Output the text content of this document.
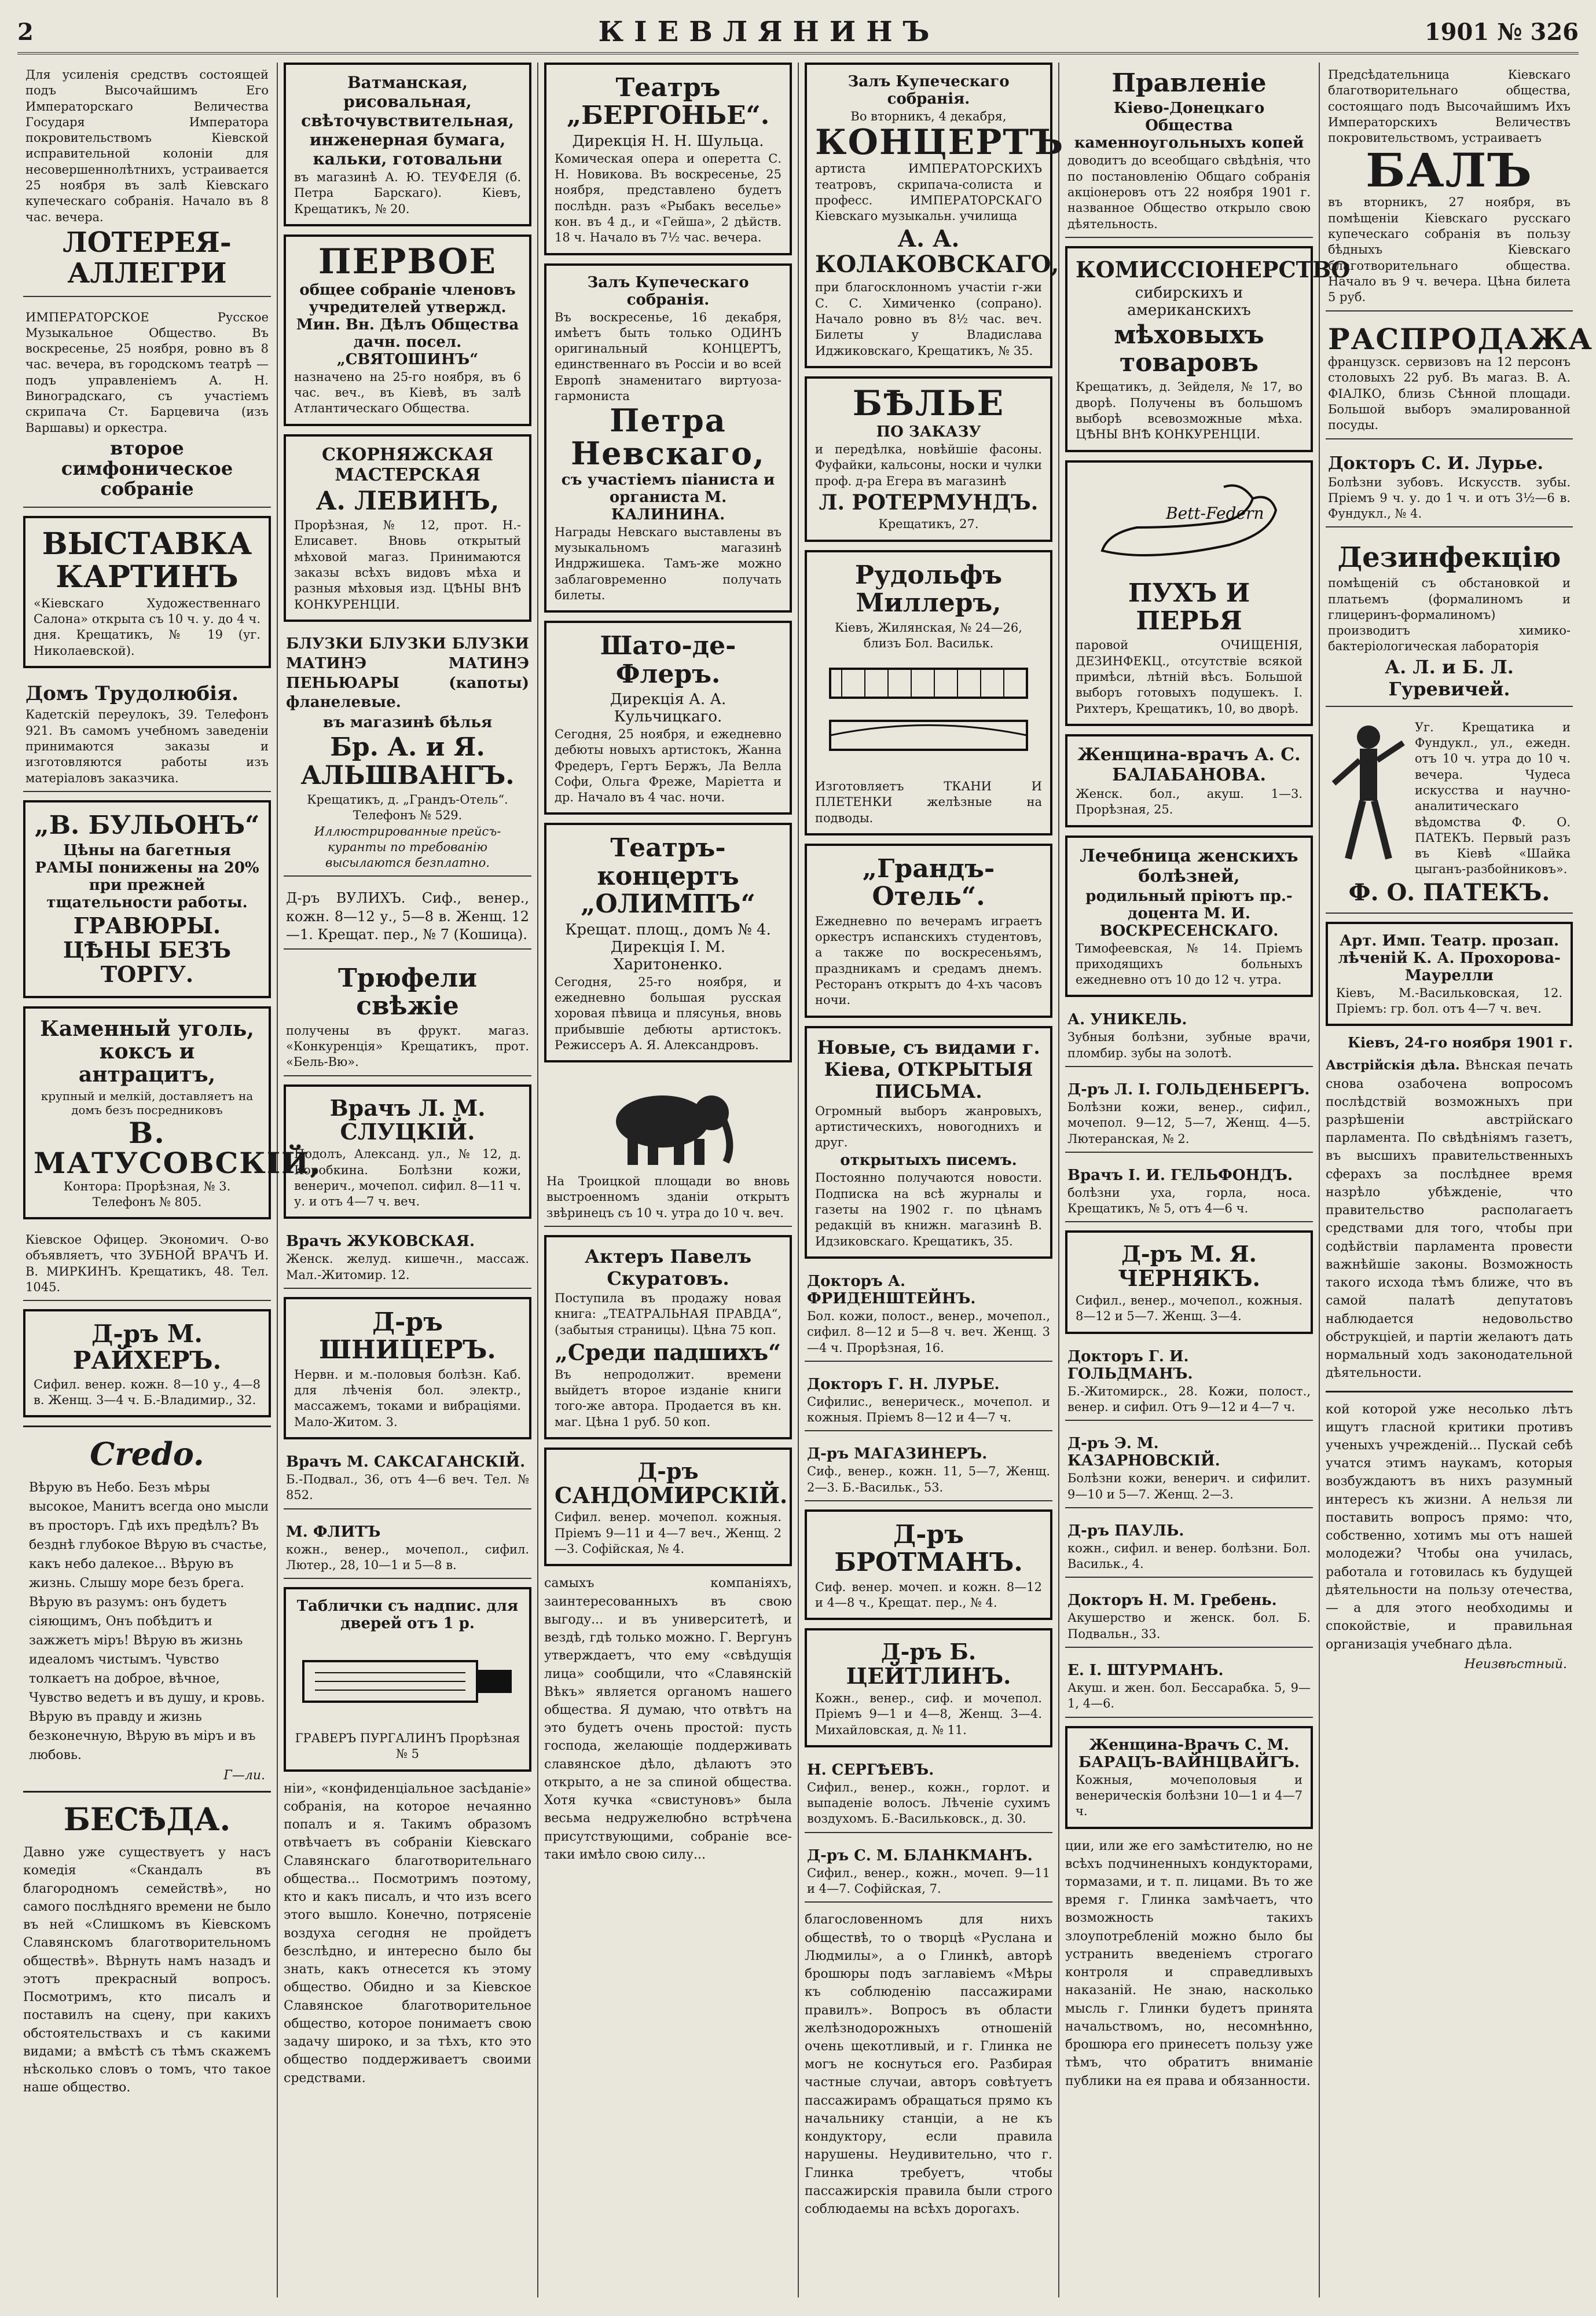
2	КІЕВЛЯНИНЪ	1901 № 326
Для усиленія средствъ состоящей подъ Высочайшимъ Его Императорскаго Величества Государя Императора покровительствомъ Кіевской исправительной колоніи для несовершеннолѣтнихъ, устраивается 25 ноября въ залѣ Кіевскаго купеческаго собранія. Начало въ 8 час. вечера.
ЛОТЕРЕЯ-АЛЛЕГРИ
ИМПЕРАТОРСКОЕ Русское Музыкальное Общество. Въ воскресенье, 25 ноября, ровно въ 8 час. вечера, въ городскомъ театрѣ — подъ управленіемъ А. Н. Виноградскаго, съ участіемъ скрипача Ст. Барцевича (изъ Варшавы) и оркестра.
второе симфоническое собраніе
ВЫСТАВКА КАРТИНЪ
«Кіевскаго Художественнаго Салона» открыта съ 10 ч. у. до 4 ч. дня. Крещатикъ, № 19 (уг. Николаевской).
Домъ Трудолюбія.
Кадетскій переулокъ, 39. Телефонъ 921. Въ самомъ учебномъ заведеніи принимаются заказы и изготовляются работы изъ матеріаловъ заказчика.
„В. БУЛЬОНЪ“
Цѣны на багетныя РАМЫ понижены на 20% при прежней тщательности работы.
ГРАВЮРЫ. ЦѢНЫ БЕЗЪ ТОРГУ.
Каменный уголь, коксъ и антрацитъ,
крупный и мелкій, доставляетъ на домъ безъ посредниковъ
В. МАТУСОВСКІЙ,
Контора: Прорѣзная, № 3. Телефонъ № 805.
Кіевское Офицер. Экономич. О-во объявляетъ, что ЗУБНОЙ ВРАЧЪ И. В. МИРКИНЪ. Крещатикъ, 48. Тел. 1045.
Д-ръ М. РАЙХЕРЪ.
Сифил. венер. кожн. 8—10 у., 4—8 в. Женщ. 3—4 ч. Б.-Владимир., 32.
Credo.
Вѣрую въ Небо. Безъ мѣры высокое, Манитъ всегда оно мысли въ просторъ. Гдѣ ихъ предѣлъ? Въ безднѣ глубокое Вѣрую въ счастье, какъ небо далекое... Вѣрую въ жизнь. Слышу море безъ брега. Вѣрую въ разумъ: онъ будетъ сіяющимъ, Онъ побѣдитъ и зажжетъ міръ! Вѣрую въ жизнь идеаломъ чистымъ. Чувство толкаетъ на доброе, вѣчное, Чувство ведетъ и въ душу, и кровь. Вѣрую въ правду и жизнь безконечную, Вѣрую въ міръ и въ любовь.
Г—ли.
БЕСѢДА.
Давно уже существуетъ у насъ комедія «Скандалъ въ благородномъ семействѣ», но самого послѣдняго времени не было въ ней «Слишкомъ въ Кіевскомъ Славянскомъ благотворительномъ обществѣ». Вѣрнуть намъ назадъ и этотъ прекрасный вопросъ. Посмотримъ, кто писалъ и поставилъ на сцену, при какихъ обстоятельствахъ и съ какими видами; а вмѣстѣ съ тѣмъ скажемъ нѣсколько словъ о томъ, что такое наше общество.
Ватманская, рисовальная, свѣточувствительная, инженерная бумага, кальки, готовальни
въ магазинѣ А. Ю. ТЕУФЕЛЯ (б. Петра Барскаго). Кіевъ, Крещатикъ, № 20.
ПЕРВОЕ
общее собраніе членовъ учредителей утвержд. Мин. Вн. Дѣлъ Общества дачн. посел. „СВЯТОШИНЪ“
назначено на 25-го ноября, въ 6 час. веч., въ Кіевѣ, въ залѣ Атлантическаго Общества.
СКОРНЯЖСКАЯ МАСТЕРСКАЯ
А. ЛЕВИНЪ,
Прорѣзная, № 12, прот. Н.-Елисавет. Вновь открытый мѣховой магаз. Принимаются заказы всѣхъ видовъ мѣха и разныя мѣховыя изд. ЦѢНЫ ВНѢ КОНКУРЕНЦІИ.
БЛУЗКИ БЛУЗКИ БЛУЗКИ МАТИНЭ МАТИНЭ ПЕНЬЮАРЫ (капоты) фланелевые.
въ магазинѣ бѣлья
Бр. А. и Я. АЛЬШВАНГЪ.
Крещатикъ, д. „Грандъ-Отель“. Телефонъ № 529.
Иллюстрированные прейсъ-куранты по требованію высылаются безплатно.
Д-ръ ВУЛИХЪ. Сиф., венер., кожн. 8—12 у., 5—8 в. Женщ. 12—1. Крещат. пер., № 7 (Кошица).
Трюфели свѣжіе
получены въ фрукт. магаз. «Конкуренція» Крещатикъ, прот. «Бель-Вю».
Врачъ Л. М. СЛУЦКІЙ.
Подолъ, Александ. ул., № 12, д. Коробкина. Болѣзни кожи, венерич., мочепол. сифил. 8—11 ч. у. и отъ 4—7 ч. веч.
Врачъ ЖУКОВСКАЯ.
Женск. желуд. кишечн., массаж. Мал.-Житомир. 12.
Д-ръ ШНИЦЕРЪ.
Нервн. и м.-половыя болѣзн. Каб. для лѣченія бол. электр., массажемъ, токами и вибраціями. Мало-Житом. 3.
Врачъ М. САКСАГАНСКІЙ.
Б.-Подвал., 36, отъ 4—6 веч. Тел. № 852.
М. ФЛИТЪ
кожн., венер., мочепол., сифил. Лютер., 28, 10—1 и 5—8 в.
Таблички съ надпис. для дверей отъ 1 р.
ГРАВЕРЪ ПУРГАЛИНЪ Прорѣзная № 5
ніи», «конфиденціальное засѣданіе» собранія, на которое нечаянно попалъ и я. Такимъ образомъ отвѣчаетъ въ собраніи Кіевскаго Славянскаго благотворительнаго общества... Посмотримъ поэтому, кто и какъ писалъ, и что изъ всего этого вышло. Конечно, потрясеніе воздуха сегодня не пройдетъ безслѣдно, и интересно было бы знать, какъ отнесется къ этому общество. Обидно и за Кіевское Славянское благотворительное общество, которое понимаетъ свою задачу широко, и за тѣхъ, кто это общество поддерживаетъ своими средствами.
Театръ „БЕРГОНЬЕ“.
Дирекція Н. Н. Шульца.
Комическая опера и оперетта С. Н. Новикова. Въ воскресенье, 25 ноября, представлено будетъ послѣдн. разъ «Рыбакъ веселье» кон. въ 4 д., и «Гейша», 2 дѣйств. 18 ч. Начало въ 7½ час. вечера.
Залъ Купеческаго собранія.
Въ воскресенье, 16 декабря, имѣетъ быть только ОДИНЪ оригинальный КОНЦЕРТЪ, единственнаго въ Россіи и во всей Европѣ знаменитаго виртуоза-гармониста
Петра Невскаго,
съ участіемъ піаниста и органиста М. КАЛИНИНА.
Награды Невскаго выставлены въ музыкальномъ магазинѣ Индржишека. Тамъ-же можно заблаговременно получать билеты.
Шато-де-Флеръ.
Дирекція А. А. Кульчицкаго.
Сегодня, 25 ноября, и ежедневно дебюты новыхъ артистокъ, Жанна Фредеръ, Гертъ Бержъ, Ла Велла Софи, Ольга Фреже, Маріетта и др. Начало въ 4 час. ночи.
Театръ-концертъ „ОЛИМПЪ“
Крещат. площ., домъ № 4. Дирекція І. М. Харитоненко.
Сегодня, 25-го ноября, и ежедневно большая русская хоровая пѣвица и плясунья, вновь прибывшіе дебюты артистокъ. Режиссеръ А. Я. Александровъ.
На Троицкой площади во вновь выстроенномъ зданіи открытъ звѣринецъ съ 10 ч. утра до 10 ч. веч.
Актеръ Павелъ Скуратовъ.
Поступила въ продажу новая книга: „ТЕАТРАЛЬНАЯ ПРАВДА“, (забытыя страницы). Цѣна 75 коп.
„Среди падшихъ“
Въ непродолжит. времени выйдетъ второе изданіе книги того-же автора. Продается въ кн. маг. Цѣна 1 руб. 50 коп.
Д-ръ САНДОМИРСКІЙ.
Сифил. венер. мочепол. кожныя. Пріемъ 9—11 и 4—7 веч., Женщ. 2—3. Софійская, № 4.
самыхъ компаніяхъ, заинтересованныхъ въ свою выгоду... и въ университетѣ, и вездѣ, гдѣ только можно. Г. Вергунъ утверждаетъ, что ему «свѣдущія лица» сообщили, что «Славянскій Вѣкъ» является органомъ нашего общества. Я думаю, что отвѣтъ на это будетъ очень простой: пусть господа, желающіе поддерживать славянское дѣло, дѣлаютъ это открыто, а не за спиной общества. Хотя кучка «свистуновъ» была весьма недружелюбно встрѣчена присутствующими, собраніе все-таки имѣло свою силу...
Залъ Купеческаго собранія.
Во вторникъ, 4 декабря,
КОНЦЕРТЪ
артиста ИМПЕРАТОРСКИХЪ театровъ, скрипача-солиста и професс. ИМПЕРАТОРСКАГО Кіевскаго музыкальн. училища
А. А. КОЛАКОВСКАГО,
при благосклонномъ участіи г-жи С. С. Химиченко (сопрано). Начало ровно въ 8½ час. веч. Билеты у Владислава Иджиковскаго, Крещатикъ, № 35.
БѢЛЬЕ
ПО ЗАКАЗУ
и передѣлка, новѣйшіе фасоны. Фуфайки, кальсоны, носки и чулки проф. д-ра Егера въ магазинѣ
Л. РОТЕРМУНДЪ.
Крещатикъ, 27.
Рудольфъ Миллеръ,
Кіевъ, Жилянская, № 24—26, близъ Бол. Васильк.
Изготовляетъ ТКАНИ И ПЛЕТЕНКИ желѣзные на подводы.
„Грандъ-Отель“.
Ежедневно по вечерамъ играетъ оркестръ испанскихъ студентовъ, а также по воскресеньямъ, праздникамъ и средамъ днемъ. Ресторанъ открытъ до 4-хъ часовъ ночи.
Новые, съ видами г. Кіева, ОТКРЫТЫЯ ПИСЬМА.
Огромный выборъ жанровыхъ, артистическихъ, новогоднихъ и друг.
открытыхъ писемъ.
Постоянно получаются новости. Подписка на всѣ журналы и газеты на 1902 г. по цѣнамъ редакцій въ книжн. магазинѣ В. Идзиковскаго. Крещатикъ, 35.
Докторъ А. ФРИДЕНШТЕЙНЪ.
Бол. кожи, полост., венер., мочепол., сифил. 8—12 и 5—8 ч. веч. Женщ. 3—4 ч. Прорѣзная, 16.
Докторъ Г. Н. ЛУРЬЕ.
Сифилис., венерическ., мочепол. и кожныя. Пріемъ 8—12 и 4—7 ч.
Д-ръ МАГАЗИНЕРЪ.
Сиф., венер., кожн. 11, 5—7, Женщ. 2—3. Б.-Васильк., 53.
Д-ръ БРОТМАНЪ.
Сиф. венер. мочеп. и кожн. 8—12 и 4—8 ч., Крещат. пер., № 4.
Д-ръ Б. ЦЕЙТЛИНЪ.
Кожн., венер., сиф. и мочепол. Пріемъ 9—1 и 4—8, Женщ. 3—4. Михайловская, д. № 11.
Н. СЕРГѢЕВЪ.
Сифил., венер., кожн., горлот. и выпаденіе волосъ. Лѣченіе сухимъ воздухомъ. Б.-Васильковск., д. 30.
Д-ръ С. М. БЛАНКМАНЪ.
Сифил., венер., кожн., мочеп. 9—11 и 4—7. Софійская, 7.
благословенномъ для нихъ обществѣ, то о творцѣ «Руслана и Людмилы», а о Глинкѣ, авторѣ брошюры подъ заглавіемъ «Мѣры къ соблюденію пассажирами правилъ». Вопросъ въ области желѣзнодорожныхъ отношеній очень щекотливый, и г. Глинка не могъ не коснуться его. Разбирая частные случаи, авторъ совѣтуетъ пассажирамъ обращаться прямо къ начальнику станціи, а не къ кондуктору, если правила нарушены. Неудивительно, что г. Глинка требуетъ, чтобы пассажирскія правила были строго соблюдаемы на всѣхъ дорогахъ.
Правленіе
Кіево-Донецкаго Общества каменноугольныхъ копей
доводитъ до всеобщаго свѣдѣнія, что по постановленію Общаго собранія акціонеровъ отъ 22 ноября 1901 г. названное Общество открыло свою дѣятельность.
КОМИССІОНЕРСТВО
сибирскихъ и американскихъ
мѣховыхъ товаровъ
Крещатикъ, д. Зейделя, № 17, во дворѣ. Получены въ большомъ выборѣ всевозможные мѣха. ЦѢНЫ ВНѢ КОНКУРЕНЦІИ.
Bett-Federn
ПУХЪ И ПЕРЬЯ
паровой ОЧИЩЕНІЯ, ДЕЗИНФЕКЦ., отсутствіе всякой примѣси, лѣтній вѣсъ. Большой выборъ готовыхъ подушекъ. І. Рихтеръ, Крещатикъ, 10, во дворѣ.
Женщина-врачъ А. С. БАЛАБАНОВА.
Женск. бол., акуш. 1—3. Прорѣзная, 25.
Лечебница женскихъ болѣзней,
родильный пріютъ пр.-доцента М. И. ВОСКРЕСЕНСКАГО.
Тимофеевская, № 14. Пріемъ приходящихъ больныхъ ежедневно отъ 10 до 12 ч. утра.
А. УНИКЕЛЬ.
Зубныя болѣзни, зубные врачи, пломбир. зубы на золотѣ.
Д-ръ Л. І. ГОЛЬДЕНБЕРГЪ.
Болѣзни кожи, венер., сифил., мочепол. 9—12, 5—7, Женщ. 4—5. Лютеранская, № 2.
Врачъ І. И. ГЕЛЬФОНДЪ.
болѣзни уха, горла, носа. Крещатикъ, № 5, отъ 4—6 ч.
Д-ръ М. Я. ЧЕРНЯКЪ.
Сифил., венер., мочепол., кожныя. 8—12 и 5—7. Женщ. 3—4.
Докторъ Г. И. ГОЛЬДМАНЪ.
Б.-Житомирск., 28. Кожи, полост., венер. и сифил. Отъ 9—12 и 4—7 ч.
Д-ръ Э. М. КАЗАРНОВСКІЙ.
Болѣзни кожи, венерич. и сифилит. 9—10 и 5—7. Женщ. 2—3.
Д-ръ ПАУЛЬ.
кожн., сифил. и венер. болѣзни. Бол. Васильк., 4.
Докторъ Н. М. Гребень.
Акушерство и женск. бол. Б. Подвальн., 33.
Е. І. ШТУРМАНЪ.
Акуш. и жен. бол. Бессарабка. 5, 9—1, 4—6.
Женщина-Врачъ С. М. БАРАЦЪ-ВАЙНЦВАЙГЪ.
Кожныя, мочеполовыя и венерическія болѣзни 10—1 и 4—7 ч.
ции, или же его замѣстителю, но не всѣхъ подчиненныхъ кондукторами, тормазами, и т. п. лицами. Въ то же время г. Глинка замѣчаетъ, что возможность такихъ злоупотребленій можно было бы устранить введеніемъ строгаго контроля и справедливыхъ наказаній. Не знаю, насколько мысль г. Глинки будетъ принята начальствомъ, но, несомнѣнно, брошюра его принесетъ пользу уже тѣмъ, что обратитъ вниманіе публики на ея права и обязанности.
Предсѣдательница Кіевскаго благотворительнаго общества, состоящаго подъ Высочайшимъ Ихъ Императорскихъ Величествъ покровительствомъ, устраиваетъ
БАЛЪ
въ вторникъ, 27 ноября, въ помѣщеніи Кіевскаго русскаго купеческаго собранія въ пользу бѣдныхъ Кіевскаго благотворительнаго общества. Начало въ 9 ч. вечера. Цѣна билета 5 руб.
РАСПРОДАЖА
французск. сервизовъ на 12 персонъ столовыхъ 22 руб. Въ магаз. В. А. ФІАЛКО, близь Сѣнной площади. Большой выборъ эмалированной посуды.
Докторъ С. И. Лурье.
Болѣзни зубовъ. Искусств. зубы. Пріемъ 9 ч. у. до 1 ч. и отъ 3½—6 в. Фундукл., № 4.
Дезинфекцію
помѣщеній съ обстановкой и платьемъ (формалиномъ и глицеринъ-формалиномъ) производитъ химико-бактеріологическая лабораторія
А. Л. и Б. Л. Гуревичей.
Уг. Крещатика и Фундукл., ул., ежедн. отъ 10 ч. утра до 10 ч. вечера. Чудеса искусства и научно-аналитическаго вѣдомства Ф. О. ПАТЕКЪ. Первый разъ въ Кіевѣ «Шайка цыганъ-разбойниковъ».
Ф. О. ПАТЕКЪ.
Арт. Имп. Театр. прозап. лѣченій К. А. Прохорова-Маурелли
Кіевъ, М.-Васильковская, 12. Пріемъ: гр. бол. отъ 4—7 ч. веч.
Кіевъ, 24-го ноября 1901 г.
Австрійскія дѣла. Вѣнская печать снова озабочена вопросомъ послѣдствій возможныхъ при разрѣшеніи австрійскаго парламента. По свѣдѣніямъ газетъ, въ высшихъ правительственныхъ сферахъ за послѣднее время назрѣло убѣжденіе, что правительство располагаетъ средствами для того, чтобы при содѣйствіи парламента провести важнѣйшіе законы. Возможность такого исхода тѣмъ ближе, что въ самой палатѣ депутатовъ наблюдается недовольство обструкціей, и партіи желаютъ дать нормальный ходъ законодательной дѣятельности.
кой которой уже несолько лѣтъ ищутъ гласной критики противъ ученыхъ учрежденій... Пускай себѣ учатся этимъ наукамъ, которыя возбуждаютъ въ нихъ разумный интересъ къ жизни. А нельзя ли поставить вопросъ прямо: что, собственно, хотимъ мы отъ нашей молодежи? Чтобы она училась, работала и готовилась къ будущей дѣятельности на пользу отечества, — а для этого необходимы и спокойствіе, и правильная организація учебнаго дѣла.
Неизвѣстный.
